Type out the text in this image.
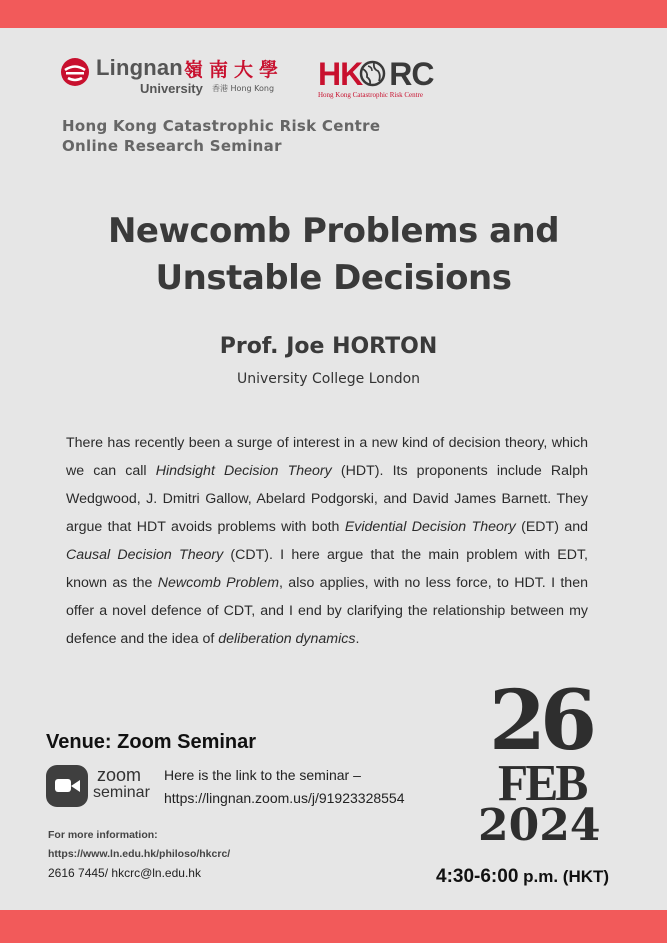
Lingnan 嶺南大學
University 香港 Hong Kong HK RC
Hong Kong Catastrophic Risk Centre
Hong Kong Catastrophic Risk Centre
Online Research Seminar
Newcomb Problems and
Unstable Decisions
Prof. Joe HORTON
University College London
There has recently been a surge of interest in a new kind of decision theory, which we can call Hindsight Decision Theory (HDT). Its proponents include Ralph Wedgwood, J. Dmitri Gallow, Abelard Podgorski, and David James Barnett. They argue that HDT avoids problems with both Evidential Decision Theory (EDT) and Causal Decision Theory (CDT). I here argue that the main problem with EDT, known as the Newcomb Problem, also applies, with no less force, to HDT. I then offer a novel defence of CDT, and I end by clarifying the relationship between my defence and the idea of deliberation dynamics.
Venue: Zoom Seminar
zoom
seminar
Here is the link to the seminar –
https://lingnan.zoom.us/j/91923328554
For more information:
https://www.ln.edu.hk/philoso/hkcrc/
2616 7445/ hkcrc@ln.edu.hk
26
FEB
2024
4:30-6:00 p.m. (HKT)
